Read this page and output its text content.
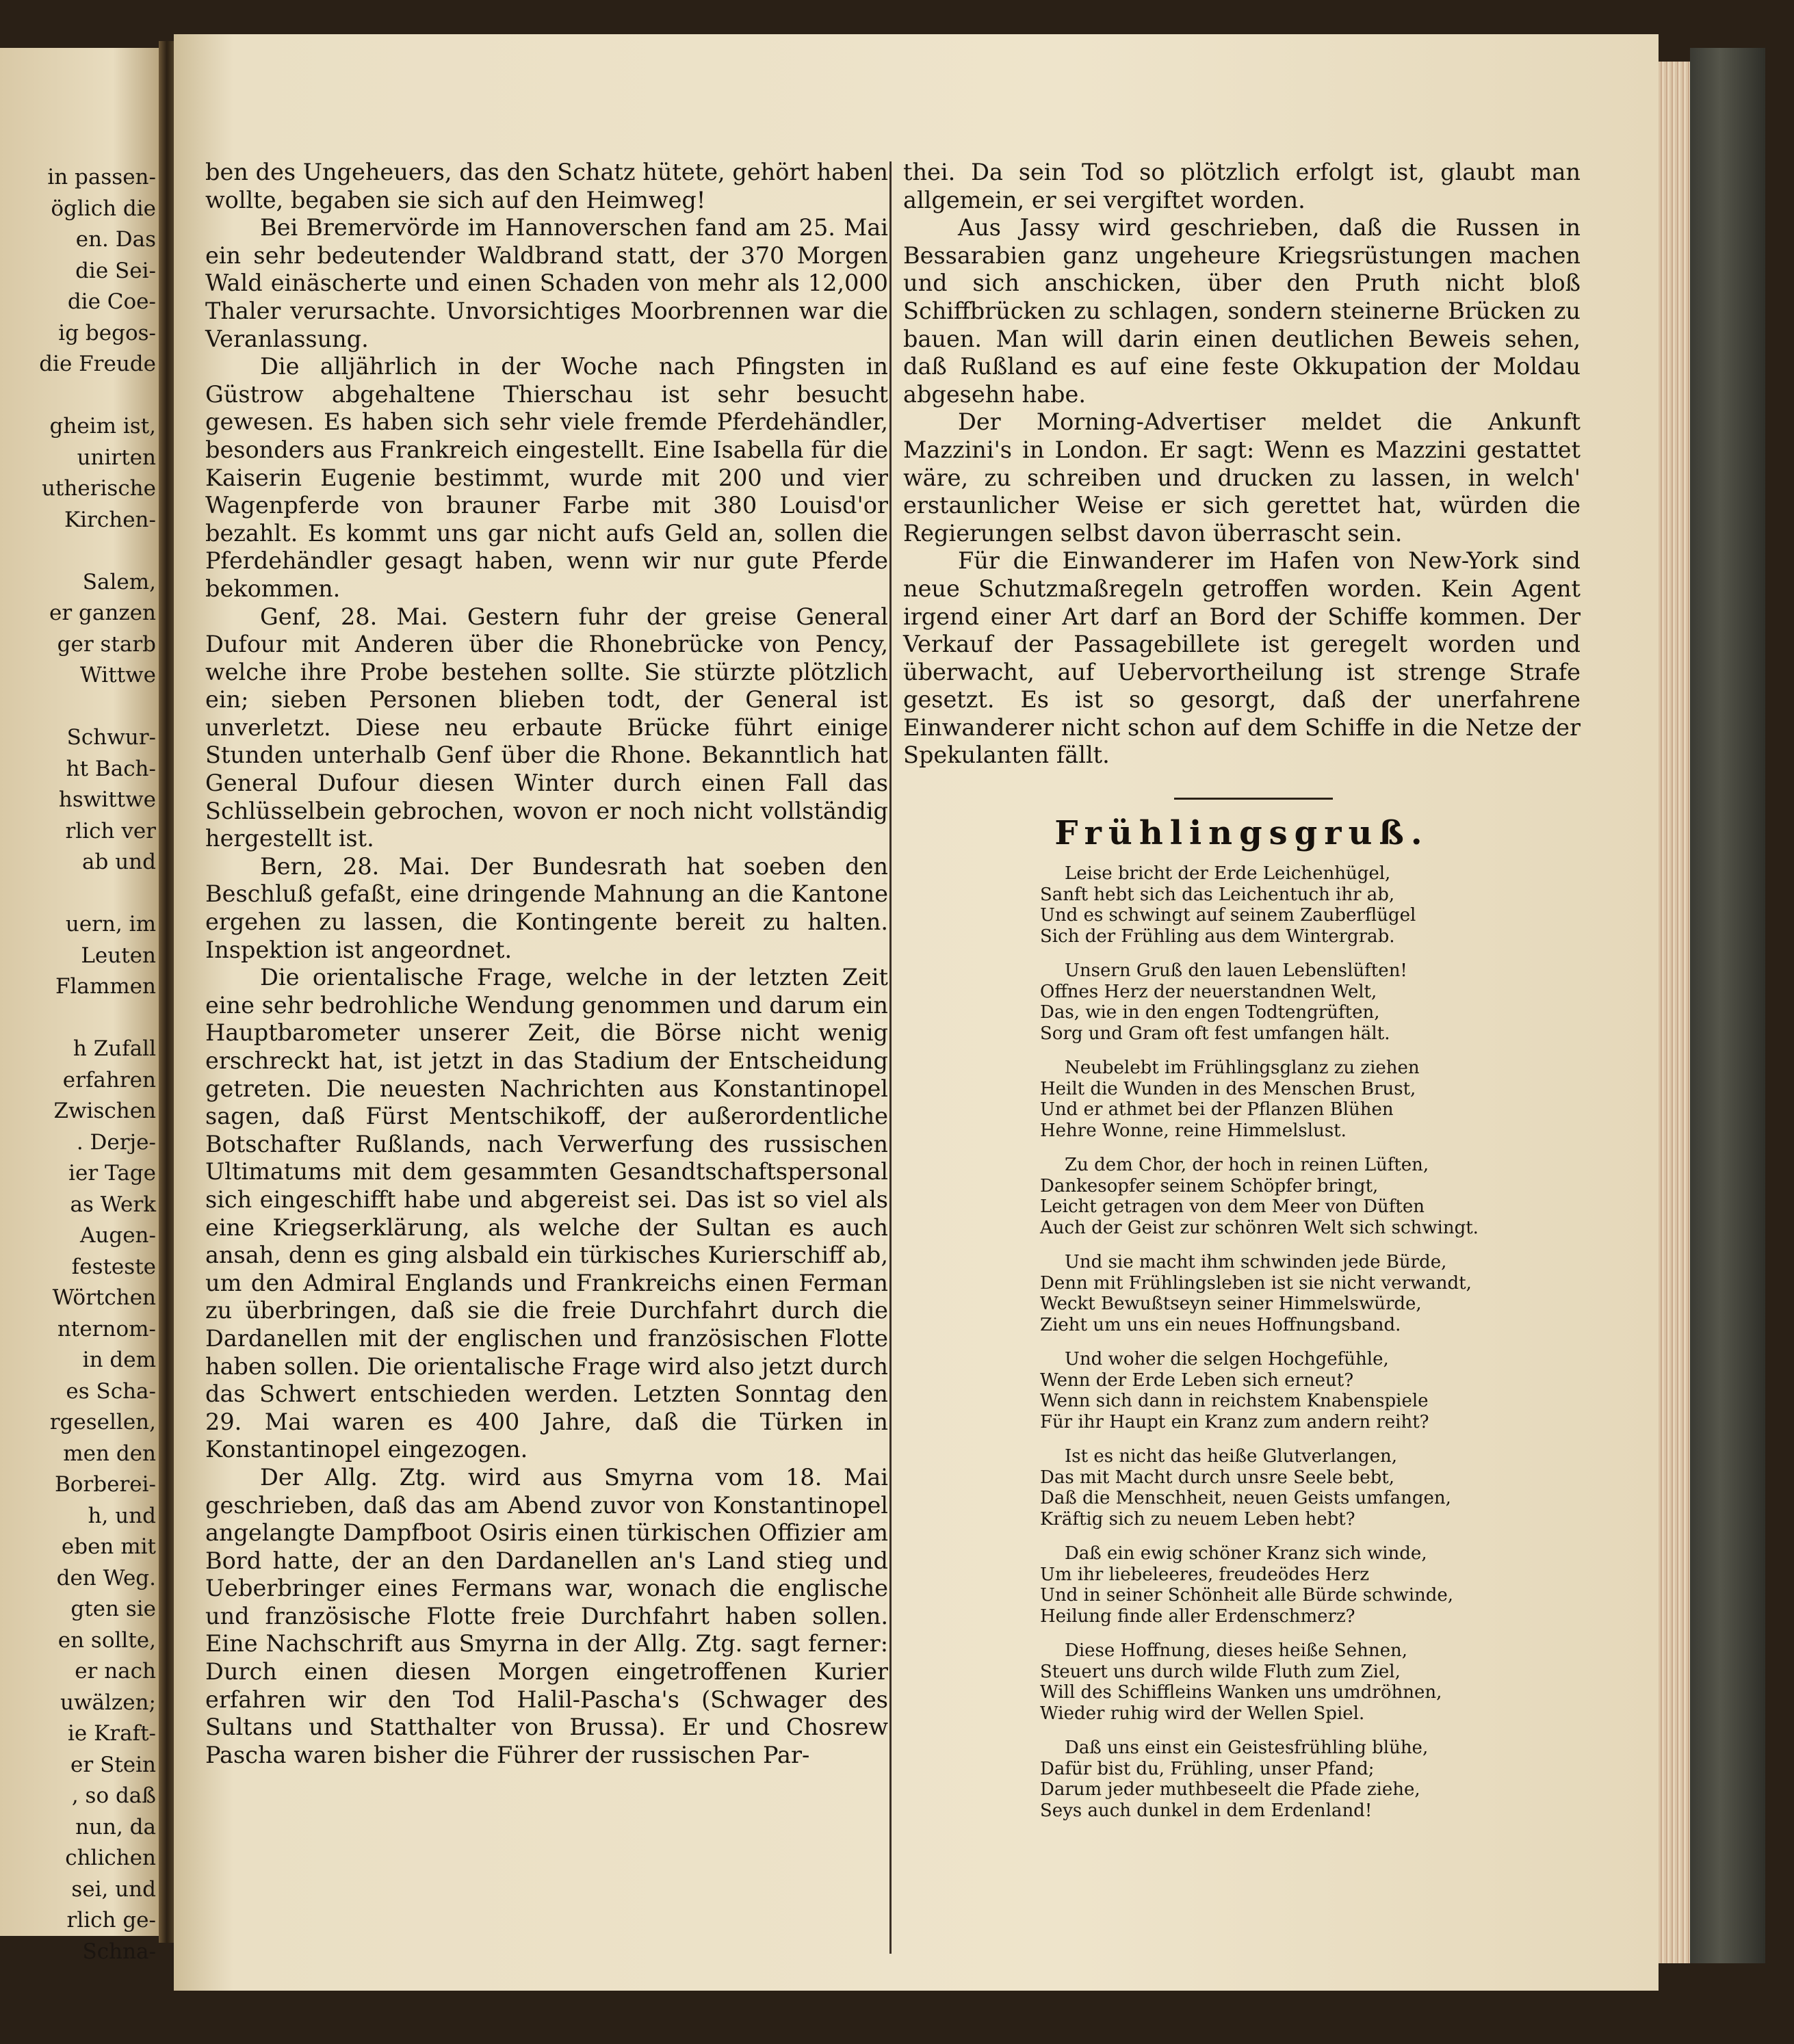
in passen-
öglich die
en. Das
die Sei-
die Coe-
ig begos-
die Freude
gheim ist,
unirten
utherische
Kirchen-
Salem,
er ganzen
ger starb
Wittwe
Schwur-
ht Bach-
hswittwe
rlich ver
ab und
uern, im
Leuten
Flammen
h Zufall
erfahren
Zwischen
. Derje-
ier Tage
as Werk
Augen-
festeste
Wörtchen
nternom-
in dem
es Scha-
rgesellen,
men den
Borberei-
h, und
eben mit
den Weg.
gten sie
en sollte,
er nach
uwälzen;
ie Kraft-
er Stein
, so daß
nun, da
chlichen
sei, und
rlich ge-
Schna-

ben des Ungeheuers, das den Schatz hütete, gehört haben wollte, begaben sie sich auf den Heimweg!

Bei Bremervörde im Hannoverschen fand am 25. Mai ein sehr bedeutender Waldbrand statt, der 370 Morgen Wald einäscherte und einen Schaden von mehr als 12,000 Thaler verursachte. Unvorsichtiges Moorbrennen war die Veranlassung.

Die alljährlich in der Woche nach Pfingsten in Güstrow abgehaltene Thierschau ist sehr besucht gewesen. Es haben sich sehr viele fremde Pferdehändler, besonders aus Frankreich eingestellt. Eine Isabella für die Kaiserin Eugenie bestimmt, wurde mit 200 und vier Wagenpferde von brauner Farbe mit 380 Louisd'or bezahlt. Es kommt uns gar nicht aufs Geld an, sollen die Pferdehändler gesagt haben, wenn wir nur gute Pferde bekommen.

Genf, 28. Mai. Gestern fuhr der greise General Dufour mit Anderen über die Rhonebrücke von Pency, welche ihre Probe bestehen sollte. Sie stürzte plötzlich ein; sieben Personen blieben todt, der General ist unverletzt. Diese neu erbaute Brücke führt einige Stunden unterhalb Genf über die Rhone. Bekanntlich hat General Dufour diesen Winter durch einen Fall das Schlüsselbein gebrochen, wovon er noch nicht vollständig hergestellt ist.

Bern, 28. Mai. Der Bundesrath hat soeben den Beschluß gefaßt, eine dringende Mahnung an die Kantone ergehen zu lassen, die Kontingente bereit zu halten. Inspektion ist angeordnet.

Die orientalische Frage, welche in der letzten Zeit eine sehr bedrohliche Wendung genommen und darum ein Hauptbarometer unserer Zeit, die Börse nicht wenig erschreckt hat, ist jetzt in das Stadium der Entscheidung getreten. Die neuesten Nachrichten aus Konstantinopel sagen, daß Fürst Mentschikoff, der außerordentliche Botschafter Rußlands, nach Verwerfung des russischen Ultimatums mit dem gesammten Gesandtschaftspersonal sich eingeschifft habe und abgereist sei. Das ist so viel als eine Kriegserklärung, als welche der Sultan es auch ansah, denn es ging alsbald ein türkisches Kurierschiff ab, um den Admiral Englands und Frankreichs einen Ferman zu überbringen, daß sie die freie Durchfahrt durch die Dardanellen mit der englischen und französischen Flotte haben sollen. Die orientalische Frage wird also jetzt durch das Schwert entschieden werden. Letzten Sonntag den 29. Mai waren es 400 Jahre, daß die Türken in Konstantinopel eingezogen.

Der Allg. Ztg. wird aus Smyrna vom 18. Mai geschrieben, daß das am Abend zuvor von Konstantinopel angelangte Dampfboot Osiris einen türkischen Offizier am Bord hatte, der an den Dardanellen an's Land stieg und Ueberbringer eines Fermans war, wonach die englische und französische Flotte freie Durchfahrt haben sollen. Eine Nachschrift aus Smyrna in der Allg. Ztg. sagt ferner: Durch einen diesen Morgen eingetroffenen Kurier erfahren wir den Tod Halil-Pascha's (Schwager des Sultans und Statthalter von Brussa). Er und Chosrew Pascha waren bisher die Führer der russischen Par-

thei. Da sein Tod so plötzlich erfolgt ist, glaubt man allgemein, er sei vergiftet worden.

Aus Jassy wird geschrieben, daß die Russen in Bessarabien ganz ungeheure Kriegsrüstungen machen und sich anschicken, über den Pruth nicht bloß Schiffbrücken zu schlagen, sondern steinerne Brücken zu bauen. Man will darin einen deutlichen Beweis sehen, daß Rußland es auf eine feste Okkupation der Moldau abgesehn habe.

Der Morning-Advertiser meldet die Ankunft Mazzini's in London. Er sagt: Wenn es Mazzini gestattet wäre, zu schreiben und drucken zu lassen, in welch' erstaunlicher Weise er sich gerettet hat, würden die Regierungen selbst davon überrascht sein.

Für die Einwanderer im Hafen von New-York sind neue Schutzmaßregeln getroffen worden. Kein Agent irgend einer Art darf an Bord der Schiffe kommen. Der Verkauf der Passagebillete ist geregelt worden und überwacht, auf Uebervortheilung ist strenge Strafe gesetzt. Es ist so gesorgt, daß der unerfahrene Einwanderer nicht schon auf dem Schiffe in die Netze der Spekulanten fällt.

Frühlingsgruß.
Leise bricht der Erde Leichenhügel,
Sanft hebt sich das Leichentuch ihr ab,
Und es schwingt auf seinem Zauberflügel
Sich der Frühling aus dem Wintergrab.
Unsern Gruß den lauen Lebenslüften!
Offnes Herz der neuerstandnen Welt,
Das, wie in den engen Todtengrüften,
Sorg und Gram oft fest umfangen hält.
Neubelebt im Frühlingsglanz zu ziehen
Heilt die Wunden in des Menschen Brust,
Und er athmet bei der Pflanzen Blühen
Hehre Wonne, reine Himmelslust.
Zu dem Chor, der hoch in reinen Lüften,
Dankesopfer seinem Schöpfer bringt,
Leicht getragen von dem Meer von Düften
Auch der Geist zur schönren Welt sich schwingt.
Und sie macht ihm schwinden jede Bürde,
Denn mit Frühlingsleben ist sie nicht verwandt,
Weckt Bewußtseyn seiner Himmelswürde,
Zieht um uns ein neues Hoffnungsband.
Und woher die selgen Hochgefühle,
Wenn der Erde Leben sich erneut?
Wenn sich dann in reichstem Knabenspiele
Für ihr Haupt ein Kranz zum andern reiht?
Ist es nicht das heiße Glutverlangen,
Das mit Macht durch unsre Seele bebt,
Daß die Menschheit, neuen Geists umfangen,
Kräftig sich zu neuem Leben hebt?
Daß ein ewig schöner Kranz sich winde,
Um ihr liebeleeres, freudeödes Herz
Und in seiner Schönheit alle Bürde schwinde,
Heilung finde aller Erdenschmerz?
Diese Hoffnung, dieses heiße Sehnen,
Steuert uns durch wilde Fluth zum Ziel,
Will des Schiffleins Wanken uns umdröhnen,
Wieder ruhig wird der Wellen Spiel.
Daß uns einst ein Geistesfrühling blühe,
Dafür bist du, Frühling, unser Pfand;
Darum jeder muthbeseelt die Pfade ziehe,
Seys auch dunkel in dem Erdenland!
